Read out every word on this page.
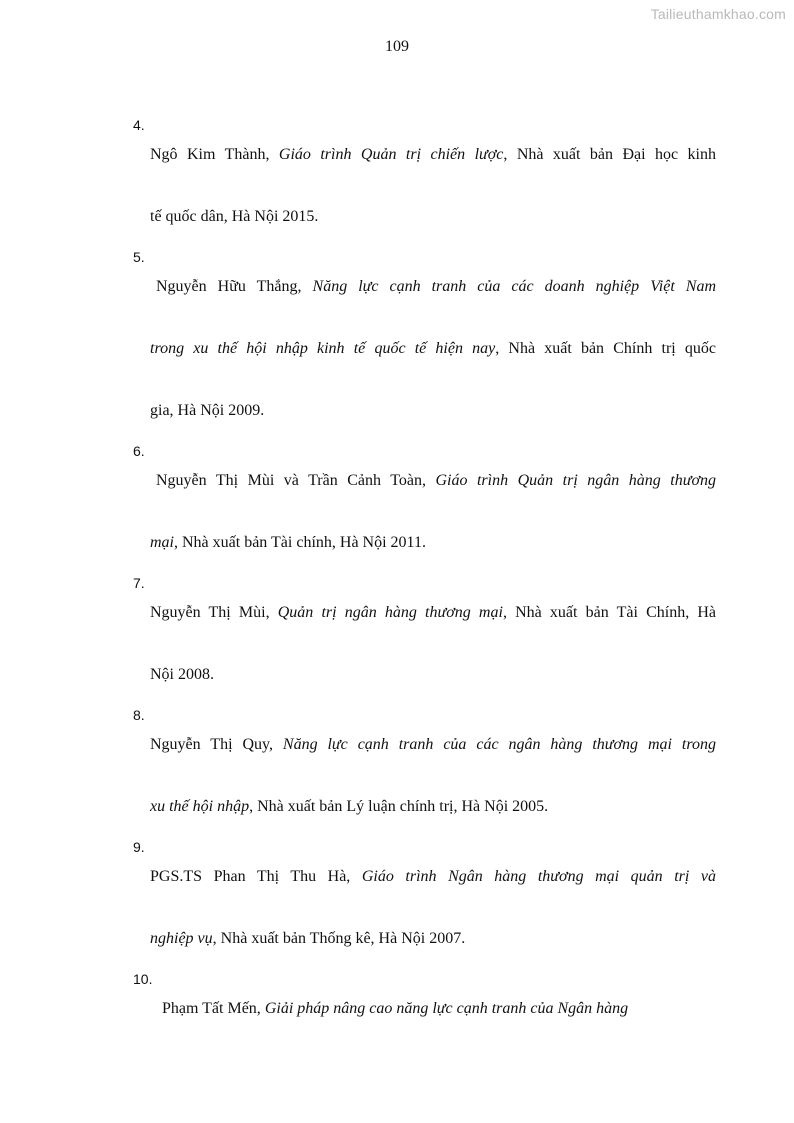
Tailieuthamkhao.com
109
4.
Ngô Kim Thành, Giáo trình Quản trị chiến lược, Nhà xuất bản Đại học kinh
tế quốc dân, Hà Nội 2015.
5.
Nguyễn Hữu Thắng, Năng lực cạnh tranh của các doanh nghiệp Việt Nam
trong xu thế hội nhập kinh tế quốc tế hiện nay, Nhà xuất bản Chính trị quốc
gia, Hà Nội 2009.
6.
Nguyễn Thị Mùi và Trần Cảnh Toàn, Giáo trình Quản trị ngân hàng thương
mại, Nhà xuất bản Tài chính, Hà Nội 2011.
7.
Nguyễn Thị Mùi, Quản trị ngân hàng thương mại, Nhà xuất bản Tài Chính, Hà
Nội 2008.
8.
Nguyễn Thị Quy, Năng lực cạnh tranh của các ngân hàng thương mại trong
xu thế hội nhập, Nhà xuất bản Lý luận chính trị, Hà Nội 2005.
9.
PGS.TS Phan Thị Thu Hà, Giáo trình Ngân hàng thương mại quản trị và
nghiệp vụ, Nhà xuất bản Thống kê, Hà Nội 2007.
10.
Phạm Tất Mến, Giải pháp nâng cao năng lực cạnh tranh của Ngân hàng
